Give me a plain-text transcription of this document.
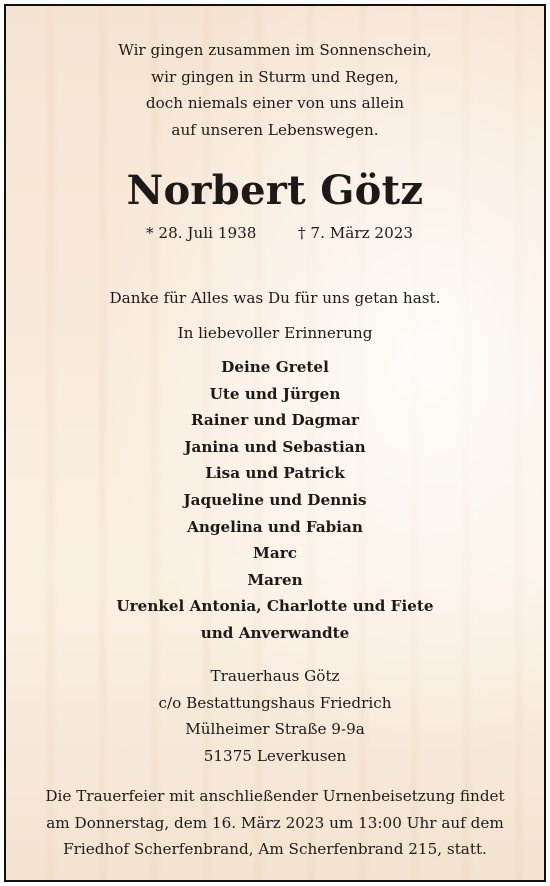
Wir gingen zusammen im Sonnenschein,
wir gingen in Sturm und Regen,
doch niemals einer von uns allein
auf unseren Lebenswegen.
Norbert Götz
* 28. Juli 1938	† 7. März 2023
Danke für Alles was Du für uns getan hast.
In liebevoller Erinnerung
Deine Gretel
Ute und Jürgen
Rainer und Dagmar
Janina und Sebastian
Lisa und Patrick
Jaqueline und Dennis
Angelina und Fabian
Marc
Maren
Urenkel Antonia, Charlotte und Fiete
und Anverwandte
Trauerhaus Götz
c/o Bestattungshaus Friedrich
Mülheimer Straße 9-9a
51375 Leverkusen
Die Trauerfeier mit anschließender Urnenbeisetzung findet
am Donnerstag, dem 16. März 2023 um 13:00 Uhr auf dem
Friedhof Scherfenbrand, Am Scherfenbrand 215, statt.
